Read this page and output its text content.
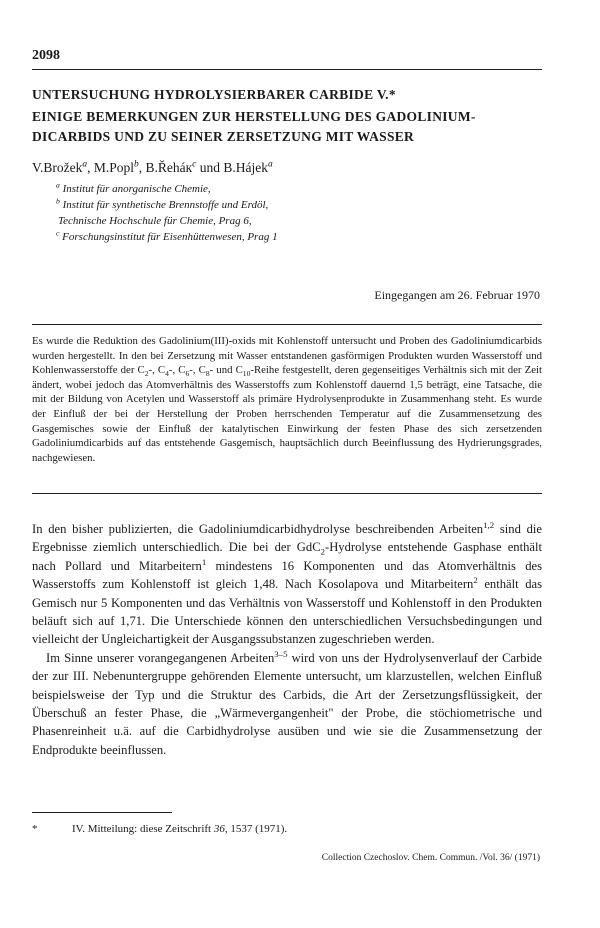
2098
UNTERSUCHUNG HYDROLYSIERBARER CARBIDE V.*
EINIGE BEMERKUNGEN ZUR HERSTELLUNG DES GADOLINIUM-DICARBIDS UND ZU SEINER ZERSETZUNG MIT WASSER
V.Brožek$^a$, M.Popl$^b$, B.Řeháк$^c$ und B.Hájek$^a$
$^a$ Institut für anorganische Chemie,
$^b$ Institut für synthetische Brennstoffe und Erdöl,
Technische Hochschule für Chemie, Prag 6,
$^c$ Forschungsinstitut für Eisenhüttenwesen, Prag 1
Eingegangen am 26. Februar 1970
Es wurde die Reduktion des Gadolinium(III)-oxids mit Kohlenstoff untersucht und Proben des Gadoliniumdicarbids wurden hergestellt. In den bei Zersetzung mit Wasser entstandenen gasförmigen Produkten wurden Wasserstoff und Kohlenwasserstoffe der $C_2-$, $C_4-$, $C_6-$, $C_8-$ und $C_{10}$-Reihe festgestellt, deren gegenseitiges Verhältnis sich mit der Zeit ändert, wobei jedoch das Atomverhältnis des Wasserstoffs zum Kohlenstoff dauernd 1,5 beträgt, eine Tatsache, die mit der Bildung von Acetylen und Wasserstoff als primäre Hydrolysenprodukte in Zusammenhang steht. Es wurde der Einfluß der bei der Herstellung der Proben herrschenden Temperatur auf die Zusammensetzung des Gasgemisches sowie der Einfluß der katalytischen Einwirkung der festen Phase des sich zersetzenden Gadoliniumdicarbids auf das entstehende Gasgemisch, hauptsächlich durch Beeinflussung des Hydrierungsgrades, nachgewiesen.

In den bisher publizierten, die Gadoliniumdicarbidhydrolyse beschreibenden Arbeiten$^{1,2}$ sind die Ergebnisse ziemlich unterschiedlich. Die bei der GdC$_2$-Hydrolyse entstehende Gasphase enthält nach Pollard und Mitarbeitern$^1$ mindestens 16 Komponenten und das Atomverhältnis des Wasserstoffs zum Kohlenstoff ist gleich 1,48. Nach Kosolapova und Mitarbeitern$^2$ enthält das Gemisch nur 5 Komponenten und das Verhältnis von Wasserstoff und Kohlenstoff in den Produkten beläuft sich auf 1,71. Die Unterschiede können den unterschiedlichen Versuchsbedingungen und vielleicht der Ungleichartigkeit der Ausgangssubstanzen zugeschrieben werden.

Im Sinne unserer vorangegangenen Arbeiten$^{3-5}$ wird von uns der Hydrolysenverlauf der Carbide der zur III. Nebenuntergruppe gehörenden Elemente untersucht, um klarzustellen, welchen Einfluß beispielsweise der Typ und die Struktur des Carbids, die Art der Zersetzungsflüssigkeit, der Überschuß an fester Phase, die „Wärmevergangenheit" der Probe, die stöchiometrische und Phasenreinheit u.ä. auf die Carbidhydrolyse ausüben und wie sie die Zusammensetzung der Endprodukte beeinflussen.

*	IV. Mitteilung: diese Zeitschrift 36, 1537 (1971).
Collection Czechoslov. Chem. Commun. /Vol. 36/ (1971)
